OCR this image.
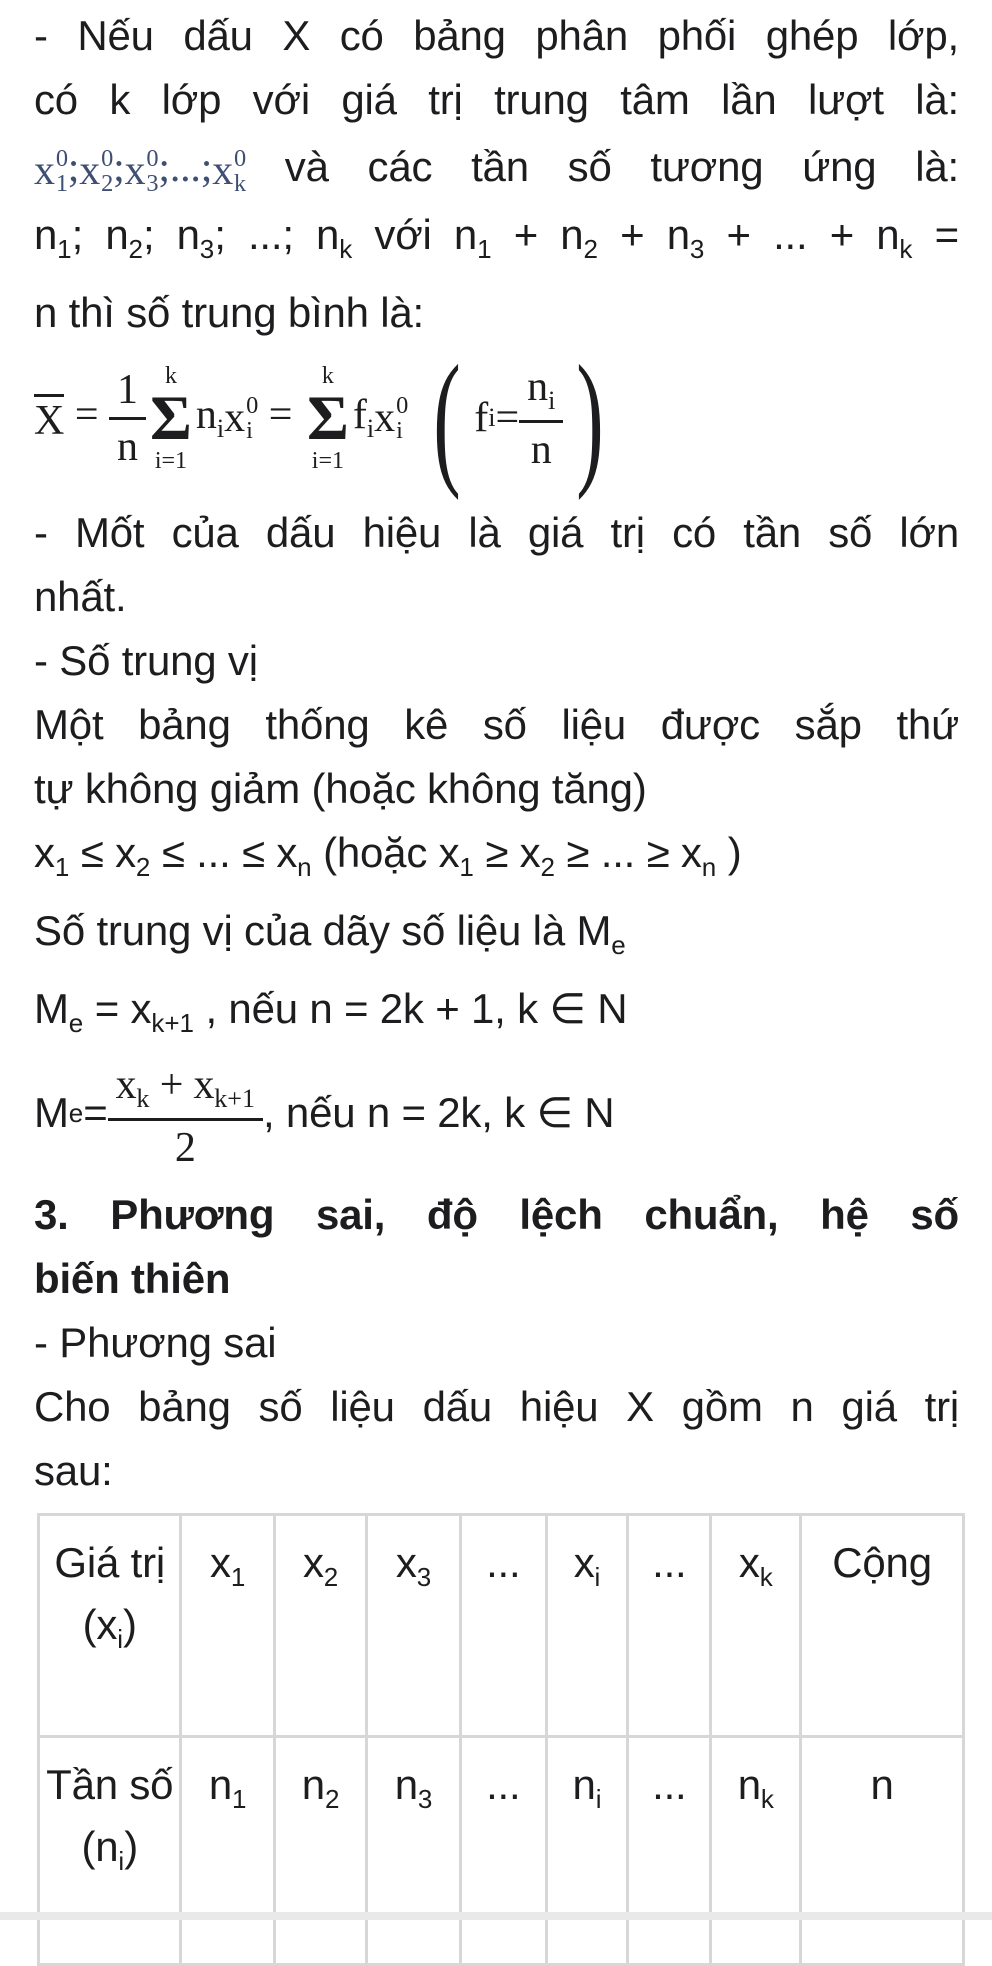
- Nếu dấu X có bảng phân phối ghép lớp,
có k lớp với giá trị trung tâm lần lượt là:
x 0
1 ; x 0
2 ; x 0
3 ;...; x 0
k và các tần số tương ứng là:
$n_1$; $n_2$; $n_3$; ...; $n_k$ với $n_1 + n_2 + n_3$ + ... + $n_k$ =
n thì số trung bình là:
$X = \frac{1}{n}$ k
Σ
i=1
$n_i$ x 0
i =
k
Σ
i=1
$f_i$ x 0
i ( f $i = \frac{n_i}{n}$ )
- Mốt của dấu hiệu là giá trị có tần số lớn
nhất.
- Số trung vị
Một bảng thống kê số liệu được sắp thứ
tự không giảm (hoặc không tăng)
$x_1 \le x_2$ ≤ ... ≤ $x_n$ (hoặc $x_1 \ge x_2$ ≥ ... ≥ $x_n$ )
Số trung vị của dãy số liệu là $M_e$
$M_e = x_{k+1}$ , nếu n = 2k + 1, k ∈ N
M $e = \frac{x_k + x_{k+1}}{2}$ , nếu n = 2k, k ∈ N
3. Phương sai, độ lệch chuẩn, hệ số
biến thiên
- Phương sai
Cho bảng số liệu dấu hiệu X gồm n giá trị
sau:
Giá trị $(x_i)$	$x_1$	$x_2$	$x_3$	...	$x_i$	...	$x_k$	Cộng
Tần số $(n_i)$	$n_1$	$n_2$	$n_3$	...	$n_i$	...	$n_k$	n
